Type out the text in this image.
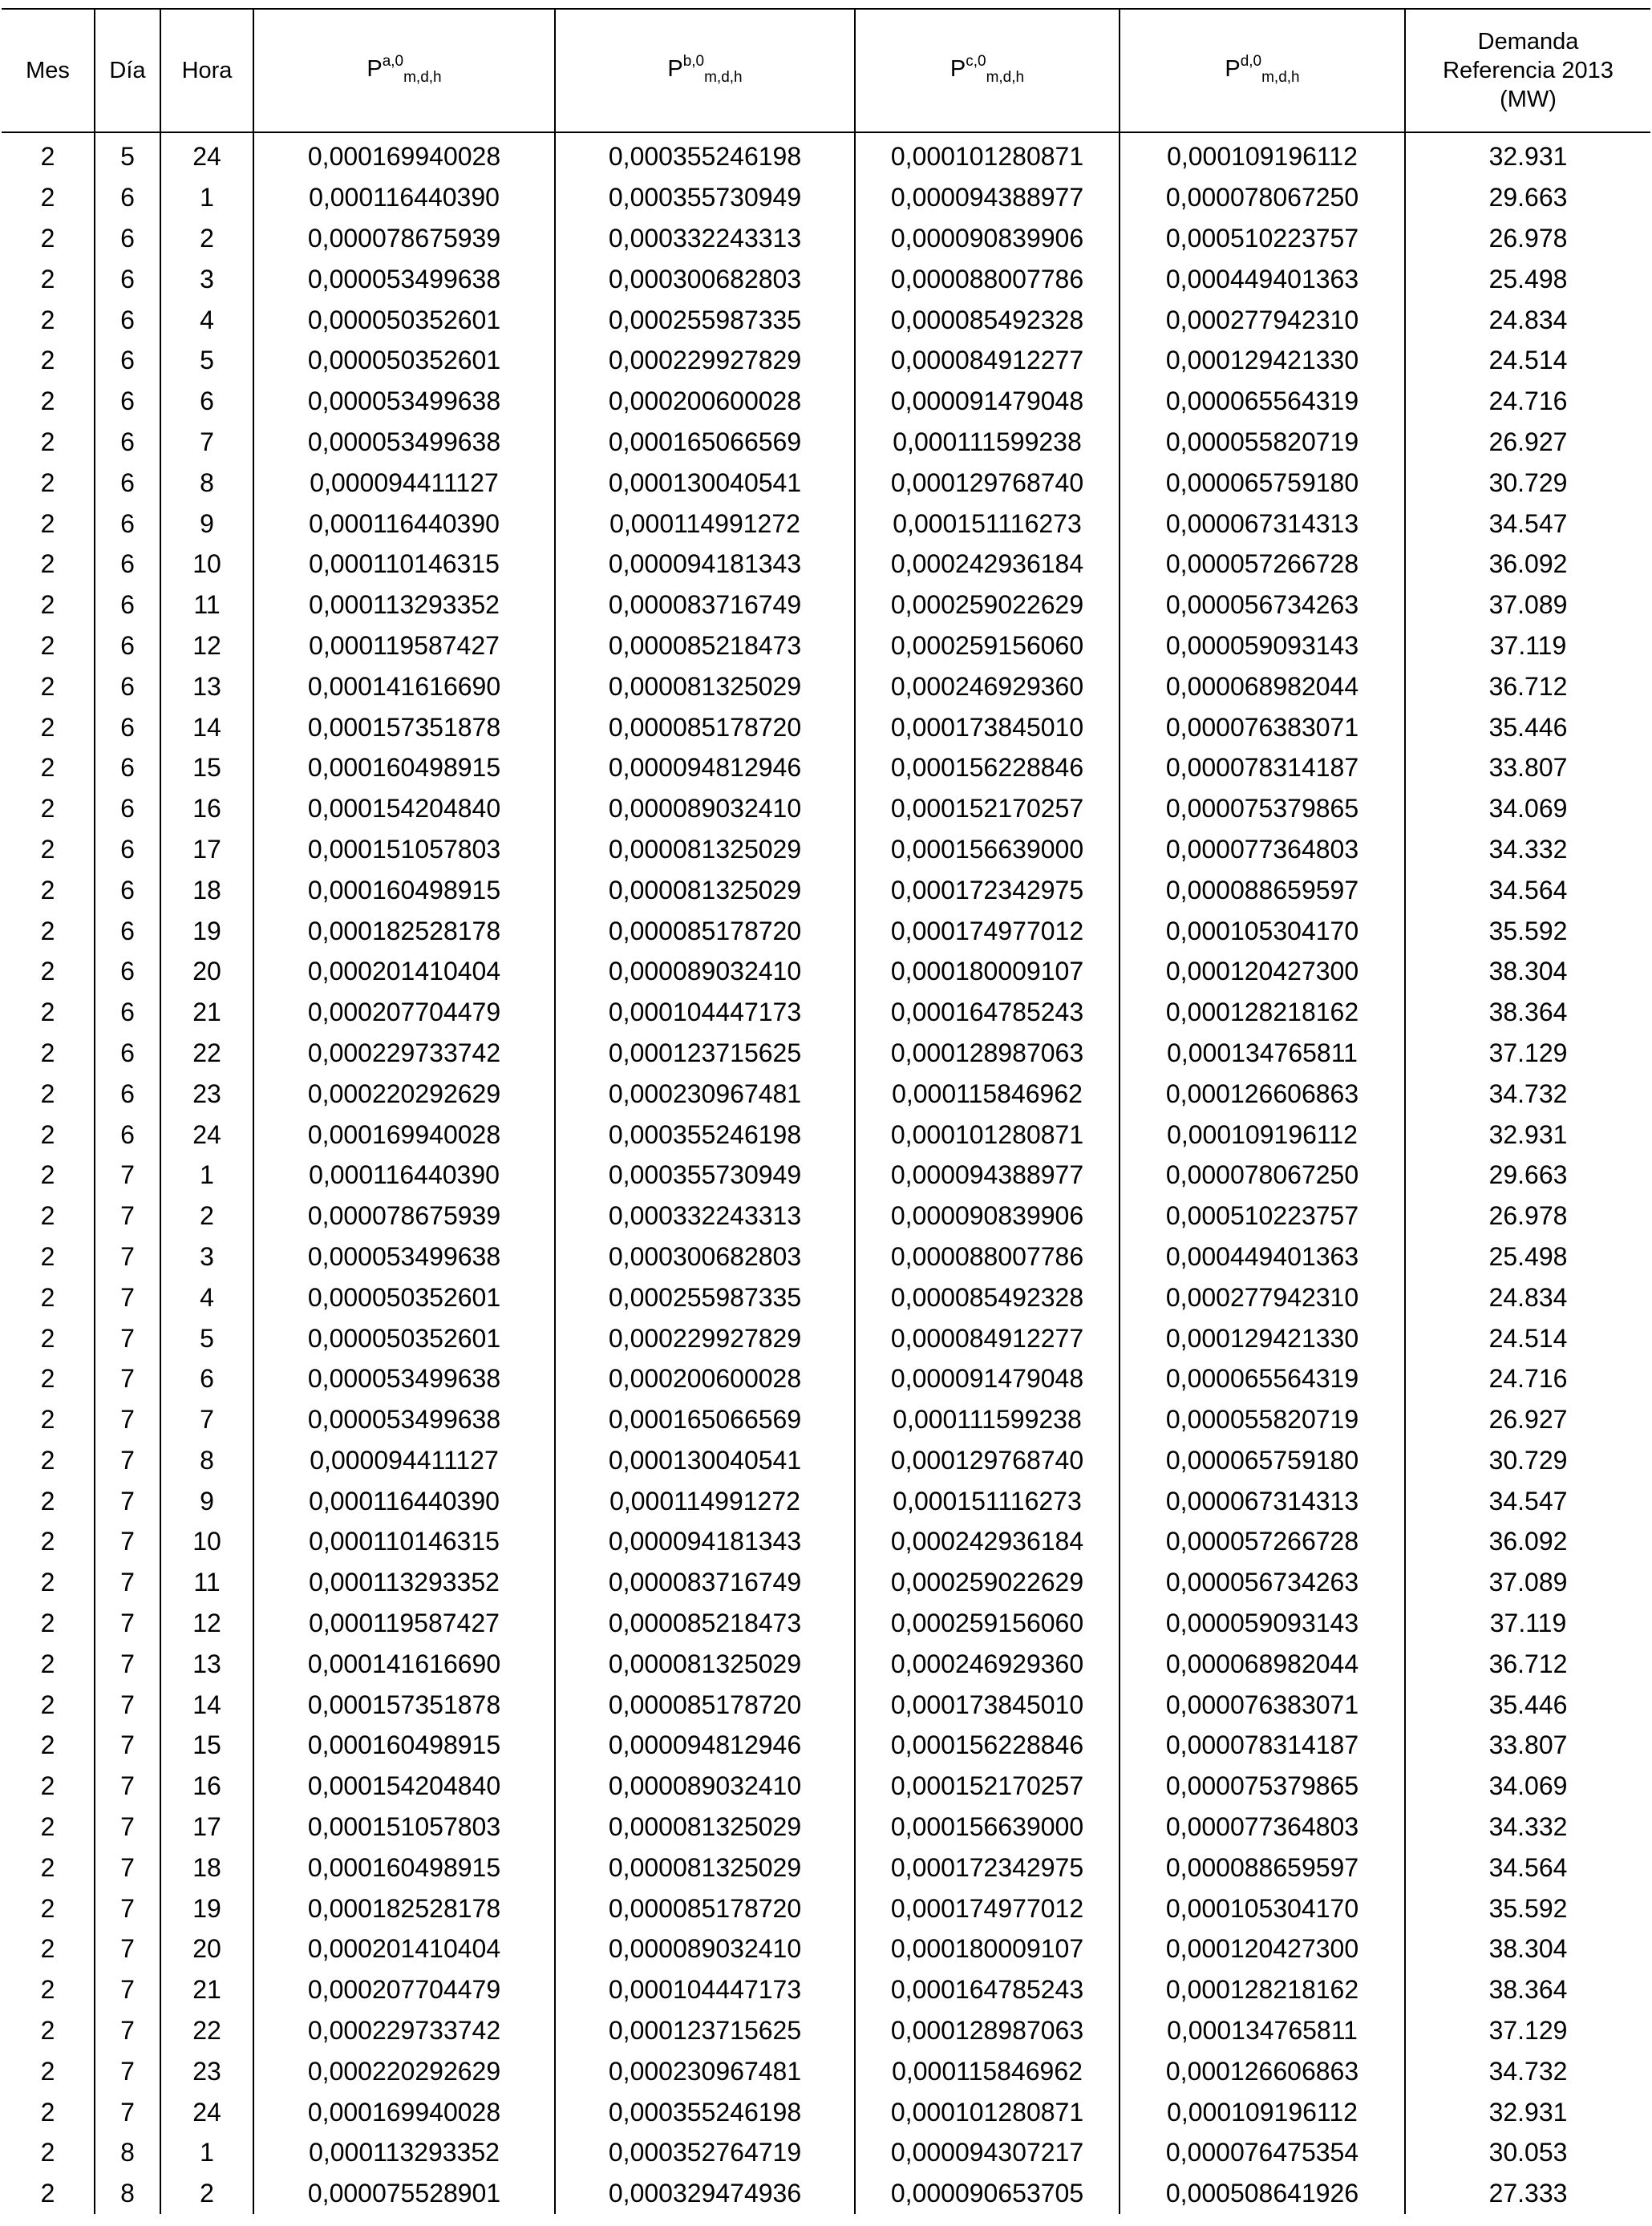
Mes	Día	Hora	P$^{a,0}_{m,d,h}$	P$^{b,0}_{m,d,h}$	P$^{c,0}_{m,d,h}$	P$^{d,0}_{m,d,h}$	Demanda
Referencia 2013
(MW)

2	5	24	0,000169940028	0,000355246198	0,000101280871	0,000109196112	32.931
2	6	1	0,000116440390	0,000355730949	0,000094388977	0,000078067250	29.663
2	6	2	0,000078675939	0,000332243313	0,000090839906	0,000510223757	26.978
2	6	3	0,000053499638	0,000300682803	0,000088007786	0,000449401363	25.498
2	6	4	0,000050352601	0,000255987335	0,000085492328	0,000277942310	24.834
2	6	5	0,000050352601	0,000229927829	0,000084912277	0,000129421330	24.514
2	6	6	0,000053499638	0,000200600028	0,000091479048	0,000065564319	24.716
2	6	7	0,000053499638	0,000165066569	0,000111599238	0,000055820719	26.927
2	6	8	0,000094411127	0,000130040541	0,000129768740	0,000065759180	30.729
2	6	9	0,000116440390	0,000114991272	0,000151116273	0,000067314313	34.547
2	6	10	0,000110146315	0,000094181343	0,000242936184	0,000057266728	36.092
2	6	11	0,000113293352	0,000083716749	0,000259022629	0,000056734263	37.089
2	6	12	0,000119587427	0,000085218473	0,000259156060	0,000059093143	37.119
2	6	13	0,000141616690	0,000081325029	0,000246929360	0,000068982044	36.712
2	6	14	0,000157351878	0,000085178720	0,000173845010	0,000076383071	35.446
2	6	15	0,000160498915	0,000094812946	0,000156228846	0,000078314187	33.807
2	6	16	0,000154204840	0,000089032410	0,000152170257	0,000075379865	34.069
2	6	17	0,000151057803	0,000081325029	0,000156639000	0,000077364803	34.332
2	6	18	0,000160498915	0,000081325029	0,000172342975	0,000088659597	34.564
2	6	19	0,000182528178	0,000085178720	0,000174977012	0,000105304170	35.592
2	6	20	0,000201410404	0,000089032410	0,000180009107	0,000120427300	38.304
2	6	21	0,000207704479	0,000104447173	0,000164785243	0,000128218162	38.364
2	6	22	0,000229733742	0,000123715625	0,000128987063	0,000134765811	37.129
2	6	23	0,000220292629	0,000230967481	0,000115846962	0,000126606863	34.732
2	6	24	0,000169940028	0,000355246198	0,000101280871	0,000109196112	32.931
2	7	1	0,000116440390	0,000355730949	0,000094388977	0,000078067250	29.663
2	7	2	0,000078675939	0,000332243313	0,000090839906	0,000510223757	26.978
2	7	3	0,000053499638	0,000300682803	0,000088007786	0,000449401363	25.498
2	7	4	0,000050352601	0,000255987335	0,000085492328	0,000277942310	24.834
2	7	5	0,000050352601	0,000229927829	0,000084912277	0,000129421330	24.514
2	7	6	0,000053499638	0,000200600028	0,000091479048	0,000065564319	24.716
2	7	7	0,000053499638	0,000165066569	0,000111599238	0,000055820719	26.927
2	7	8	0,000094411127	0,000130040541	0,000129768740	0,000065759180	30.729
2	7	9	0,000116440390	0,000114991272	0,000151116273	0,000067314313	34.547
2	7	10	0,000110146315	0,000094181343	0,000242936184	0,000057266728	36.092
2	7	11	0,000113293352	0,000083716749	0,000259022629	0,000056734263	37.089
2	7	12	0,000119587427	0,000085218473	0,000259156060	0,000059093143	37.119
2	7	13	0,000141616690	0,000081325029	0,000246929360	0,000068982044	36.712
2	7	14	0,000157351878	0,000085178720	0,000173845010	0,000076383071	35.446
2	7	15	0,000160498915	0,000094812946	0,000156228846	0,000078314187	33.807
2	7	16	0,000154204840	0,000089032410	0,000152170257	0,000075379865	34.069
2	7	17	0,000151057803	0,000081325029	0,000156639000	0,000077364803	34.332
2	7	18	0,000160498915	0,000081325029	0,000172342975	0,000088659597	34.564
2	7	19	0,000182528178	0,000085178720	0,000174977012	0,000105304170	35.592
2	7	20	0,000201410404	0,000089032410	0,000180009107	0,000120427300	38.304
2	7	21	0,000207704479	0,000104447173	0,000164785243	0,000128218162	38.364
2	7	22	0,000229733742	0,000123715625	0,000128987063	0,000134765811	37.129
2	7	23	0,000220292629	0,000230967481	0,000115846962	0,000126606863	34.732
2	7	24	0,000169940028	0,000355246198	0,000101280871	0,000109196112	32.931
2	8	1	0,000113293352	0,000352764719	0,000094307217	0,000076475354	30.053
2	8	2	0,000075528901	0,000329474936	0,000090653705	0,000508641926	27.333
